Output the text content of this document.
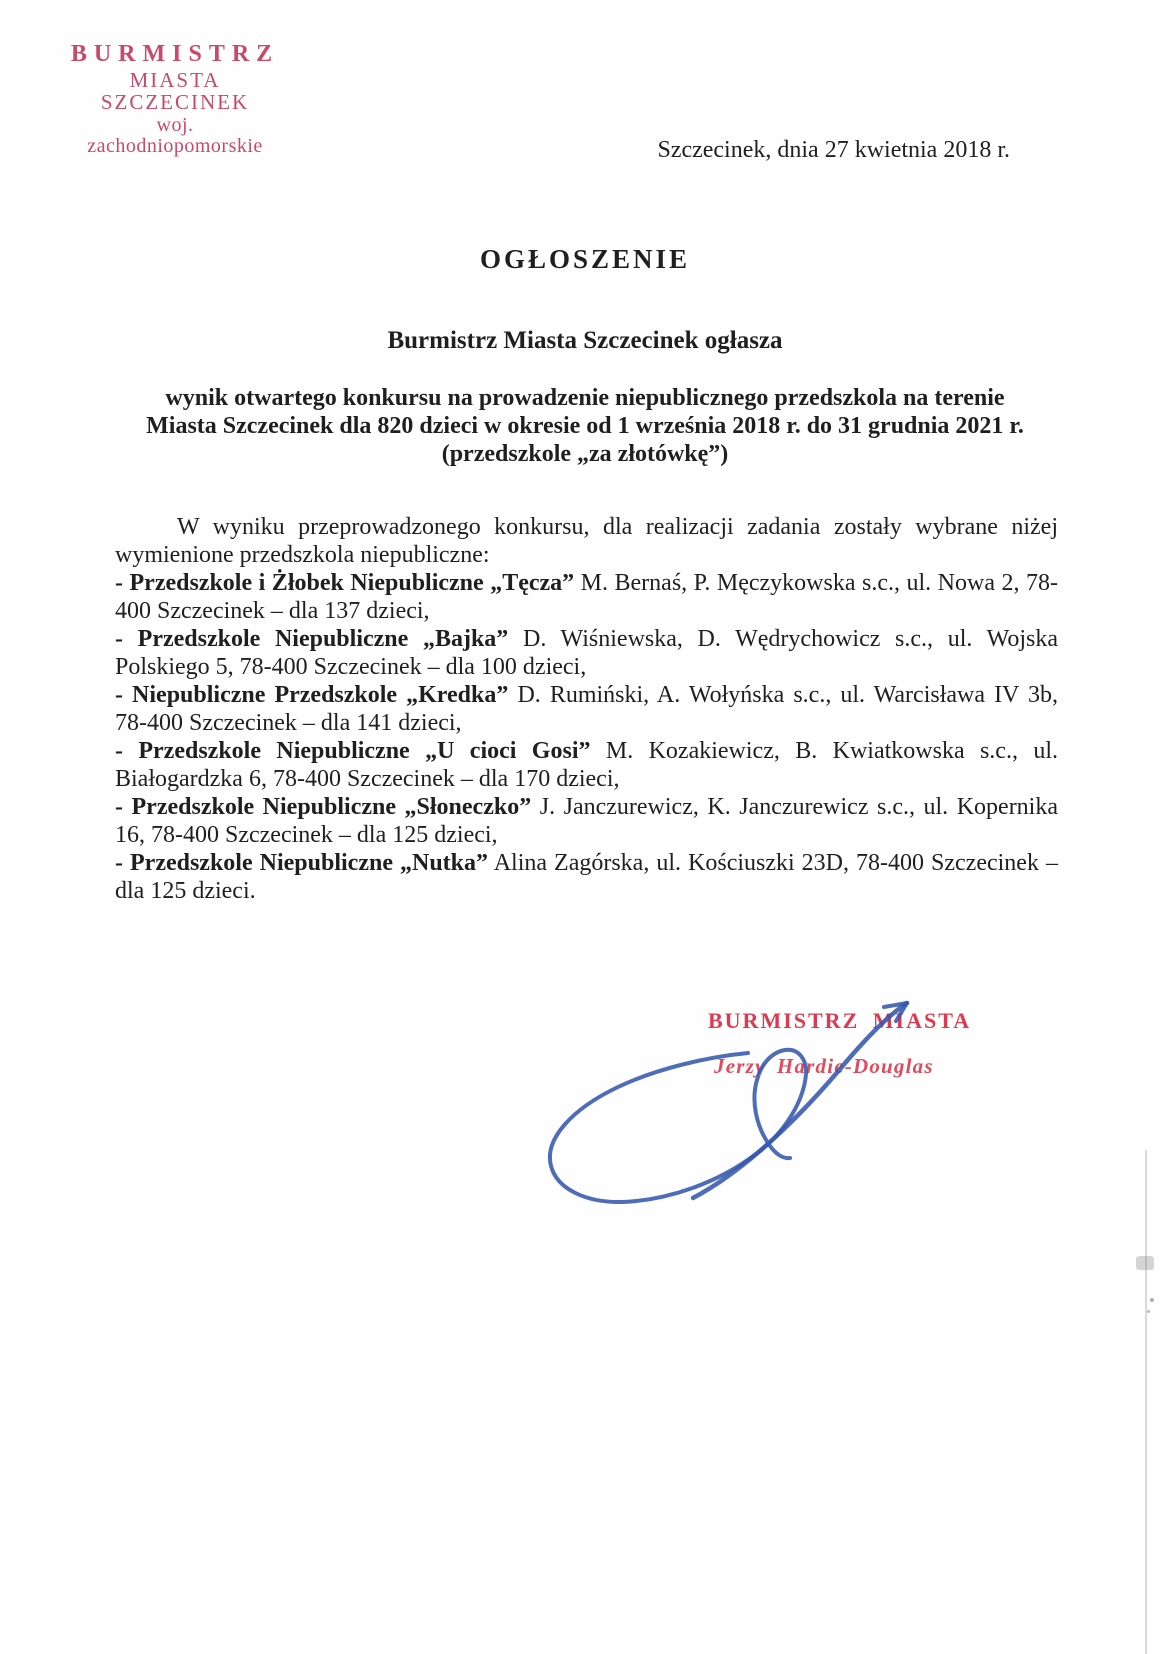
BURMISTRZ
MIASTA SZCZECINEK
woj. zachodniopomorskie	Szczecinek, dnia 27 kwietnia 2018 r.
OGŁOSZENIE
Burmistrz Miasta Szczecinek ogłasza
wynik otwartego konkursu na prowadzenie niepublicznego przedszkola na terenie
Miasta Szczecinek dla 820 dzieci w okresie od 1 września 2018 r. do 31 grudnia 2021 r.
(przedszkole „za złotówkę”)

W wyniku przeprowadzonego konkursu, dla realizacji zadania zostały wybrane niżej wymienione przedszkola niepubliczne:

- Przedszkole i Żłobek Niepubliczne „Tęcza” M. Bernaś, P. Męczykowska s.c., ul. Nowa 2, 78-400 Szczecinek – dla 137 dzieci,

- Przedszkole Niepubliczne „Bajka” D. Wiśniewska, D. Wędrychowicz s.c., ul. Wojska Polskiego 5, 78-400 Szczecinek – dla 100 dzieci,

- Niepubliczne Przedszkole „Kredka” D. Rumiński, A. Wołyńska s.c., ul. Warcisława IV 3b, 78-400 Szczecinek – dla 141 dzieci,

- Przedszkole Niepubliczne „U cioci Gosi” M. Kozakiewicz, B. Kwiatkowska s.c., ul. Białogardzka 6, 78-400 Szczecinek – dla 170 dzieci,

- Przedszkole Niepubliczne „Słoneczko” J. Janczurewicz, K. Janczurewicz s.c., ul. Kopernika 16, 78-400 Szczecinek – dla 125 dzieci,

- Przedszkole Niepubliczne „Nutka” Alina Zagórska, ul. Kościuszki 23D, 78-400 Szczecinek – dla 125 dzieci.

BURMISTRZ MIASTA
Jerzy Hardie-Douglas
